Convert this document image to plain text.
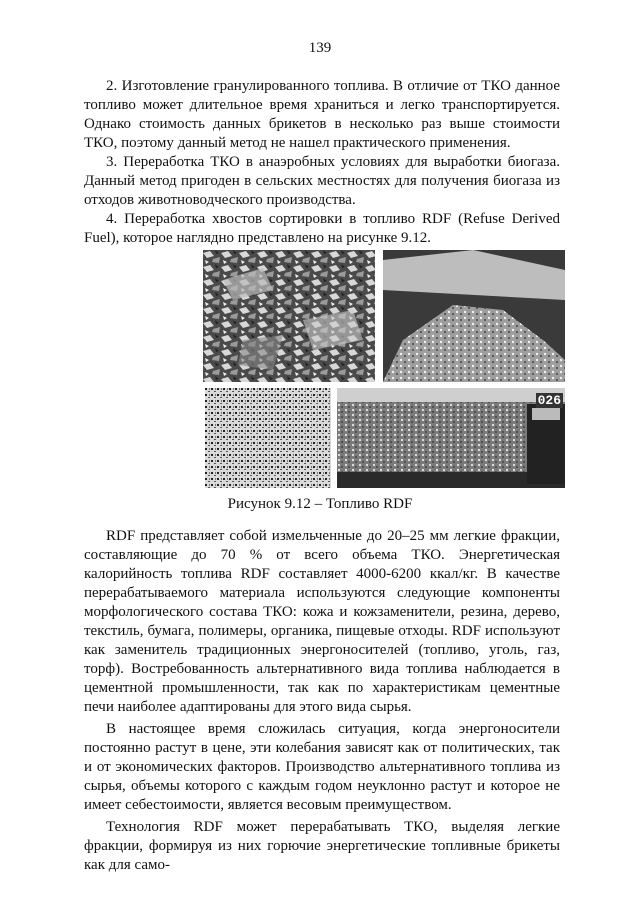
139

2. Изготовление гранулированного топлива. В отличие от ТКО данное топливо может длительное время храниться и легко транспортируется. Однако стоимость данных брикетов в несколько раз выше стоимости ТКО, поэтому данный метод не нашел практического применения.

3. Переработка ТКО в анаэробных условиях для выработки биогаза. Данный метод пригоден в сельских местностях для получения биогаза из отходов животноводческого производства.

4. Переработка хвостов сортировки в топливо RDF (Refuse Derived Fuel), которое наглядно представлено на рисунке 9.12.

026
Рисунок 9.12 – Топливо RDF

RDF представляет собой измельченные до 20–25 мм легкие фракции, составляющие до 70 % от всего объема ТКО. Энергетическая калорийность топлива RDF составляет 4000-6200 ккал/кг. В качестве перерабатываемого материала используются следующие компоненты морфологического состава ТКО: кожа и кожзаменители, резина, дерево, текстиль, бумага, полимеры, органика, пищевые отходы. RDF используют как заменитель традиционных энергоносителей (топливо, уголь, газ, торф). Востребованность альтернативного вида топлива наблюдается в цементной промышленности, так как по характеристикам цементные печи наиболее адаптированы для этого вида сырья.

В настоящее время сложилась ситуация, когда энергоносители постоянно растут в цене, эти колебания зависят как от политических, так и от экономических факторов. Производство альтернативного топлива из сырья, объемы которого с каждым годом неуклонно растут и которое не имеет себестоимости, является весовым преимуществом.

Технология RDF может перерабатывать ТКО, выделяя легкие фракции, формируя из них горючие энергетические топливные брикеты как для само-
